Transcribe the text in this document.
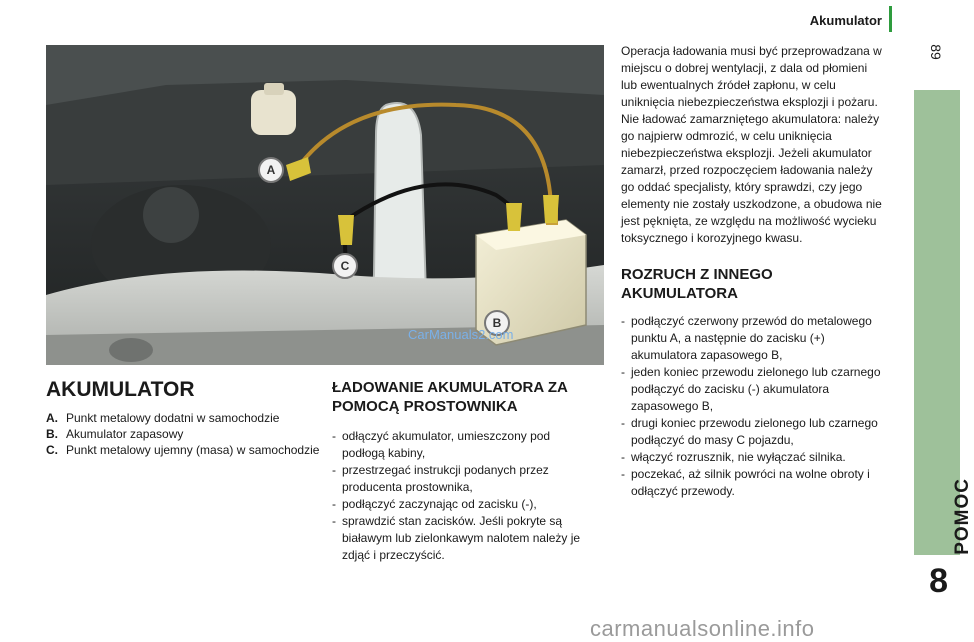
Akumulator
89
POMOC
8
A
C
B
CarManuals2.com
AKUMULATOR
A. Punkt metalowy dodatni w samochodzie
B. Akumulator zapasowy
C. Punkt metalowy ujemny (masa) w samochodzie
ŁADOWANIE AKUMULATORA ZA POMOCĄ PROSTOWNIKA
- odłączyć akumulator, umieszczony pod podłogą kabiny,
- przestrzegać instrukcji podanych przez producenta prostownika,
- podłączyć zaczynając od zacisku (-),
- sprawdzić stan zacisków. Jeśli pokryte są białawym lub zielonkawym nalotem należy je zdjąć i przeczyścić.

Operacja ładowania musi być przeprowadzana w miejscu o dobrej wentylacji, z dala od płomieni lub ewentualnych źródeł zapłonu, w celu uniknięcia niebezpieczeństwa eksplozji i pożaru.

Nie ładować zamarzniętego akumulatora: należy go najpierw odmrozić, w celu uniknięcia niebezpieczeństwa eksplozji. Jeżeli akumulator zamarzł, przed rozpoczęciem ładowania należy go oddać specjalisty, który sprawdzi, czy jego elementy nie zostały uszkodzone, a obudowa nie jest pęknięta, ze względu na możliwość wycieku toksycznego i korozyjnego kwasu.

ROZRUCH Z INNEGO AKUMULATORA
- podłączyć czerwony przewód do metalowego punktu A, a następnie do zacisku (+) akumulatora zapasowego B,
- jeden koniec przewodu zielonego lub czarnego podłączyć do zacisku (-) akumulatora zapasowego B,
- drugi koniec przewodu zielonego lub czarnego podłączyć do masy C pojazdu,
- włączyć rozrusznik, nie wyłączać silnika.
- poczekać, aż silnik powróci na wolne obroty i odłączyć przewody.
carmanualsonline.info
